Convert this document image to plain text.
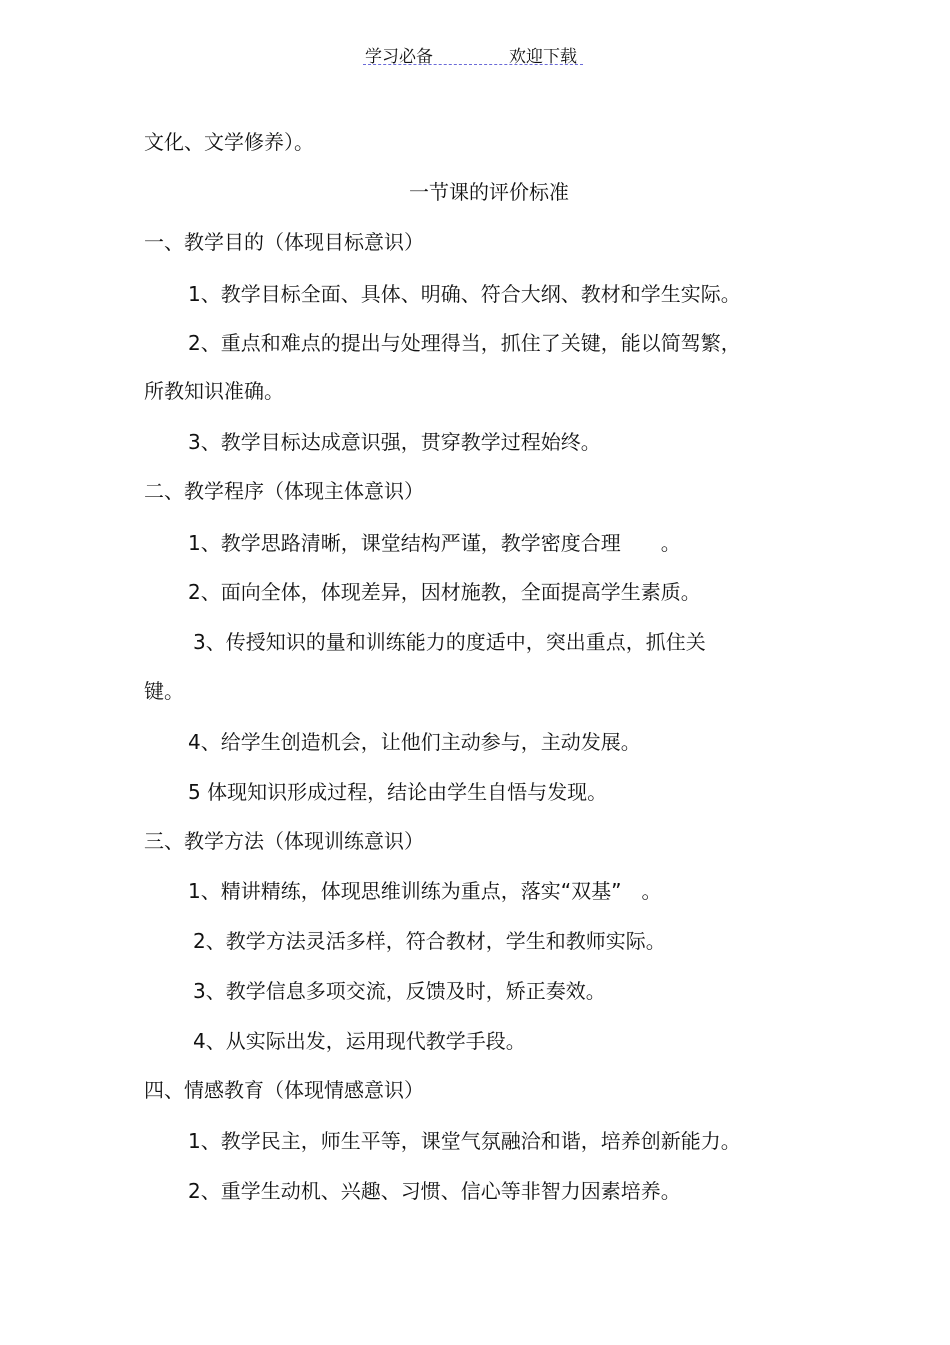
学习必备	欢迎下载
文化、文学修养）。
一节课的评价标准
一、教学目的（体现目标意识）
1、教学目标全面、具体、明确、符合大纲、教材和学生实际。
2、重点和难点的提出与处理得当，抓住了关键，能以简驾繁，
所教知识准确。
3、教学目标达成意识强，贯穿教学过程始终。
二、教学程序（体现主体意识）
1、教学思路清晰，课堂结构严谨，教学密度合理　　。
2、面向全体，体现差异，因材施教，全面提高学生素质。
3、传授知识的量和训练能力的度适中，突出重点，抓住关
键。
4、给学生创造机会，让他们主动参与，主动发展。
5 体现知识形成过程，结论由学生自悟与发现。
三、教学方法（体现训练意识）
1、精讲精练，体现思维训练为重点，落实“双基”　。
2、教学方法灵活多样，符合教材，学生和教师实际。
3、教学信息多项交流，反馈及时，矫正奏效。
4、从实际出发，运用现代教学手段。
四、情感教育（体现情感意识）
1、教学民主，师生平等，课堂气氛融洽和谐，培养创新能力。
2、重学生动机、兴趣、习惯、信心等非智力因素培养。
